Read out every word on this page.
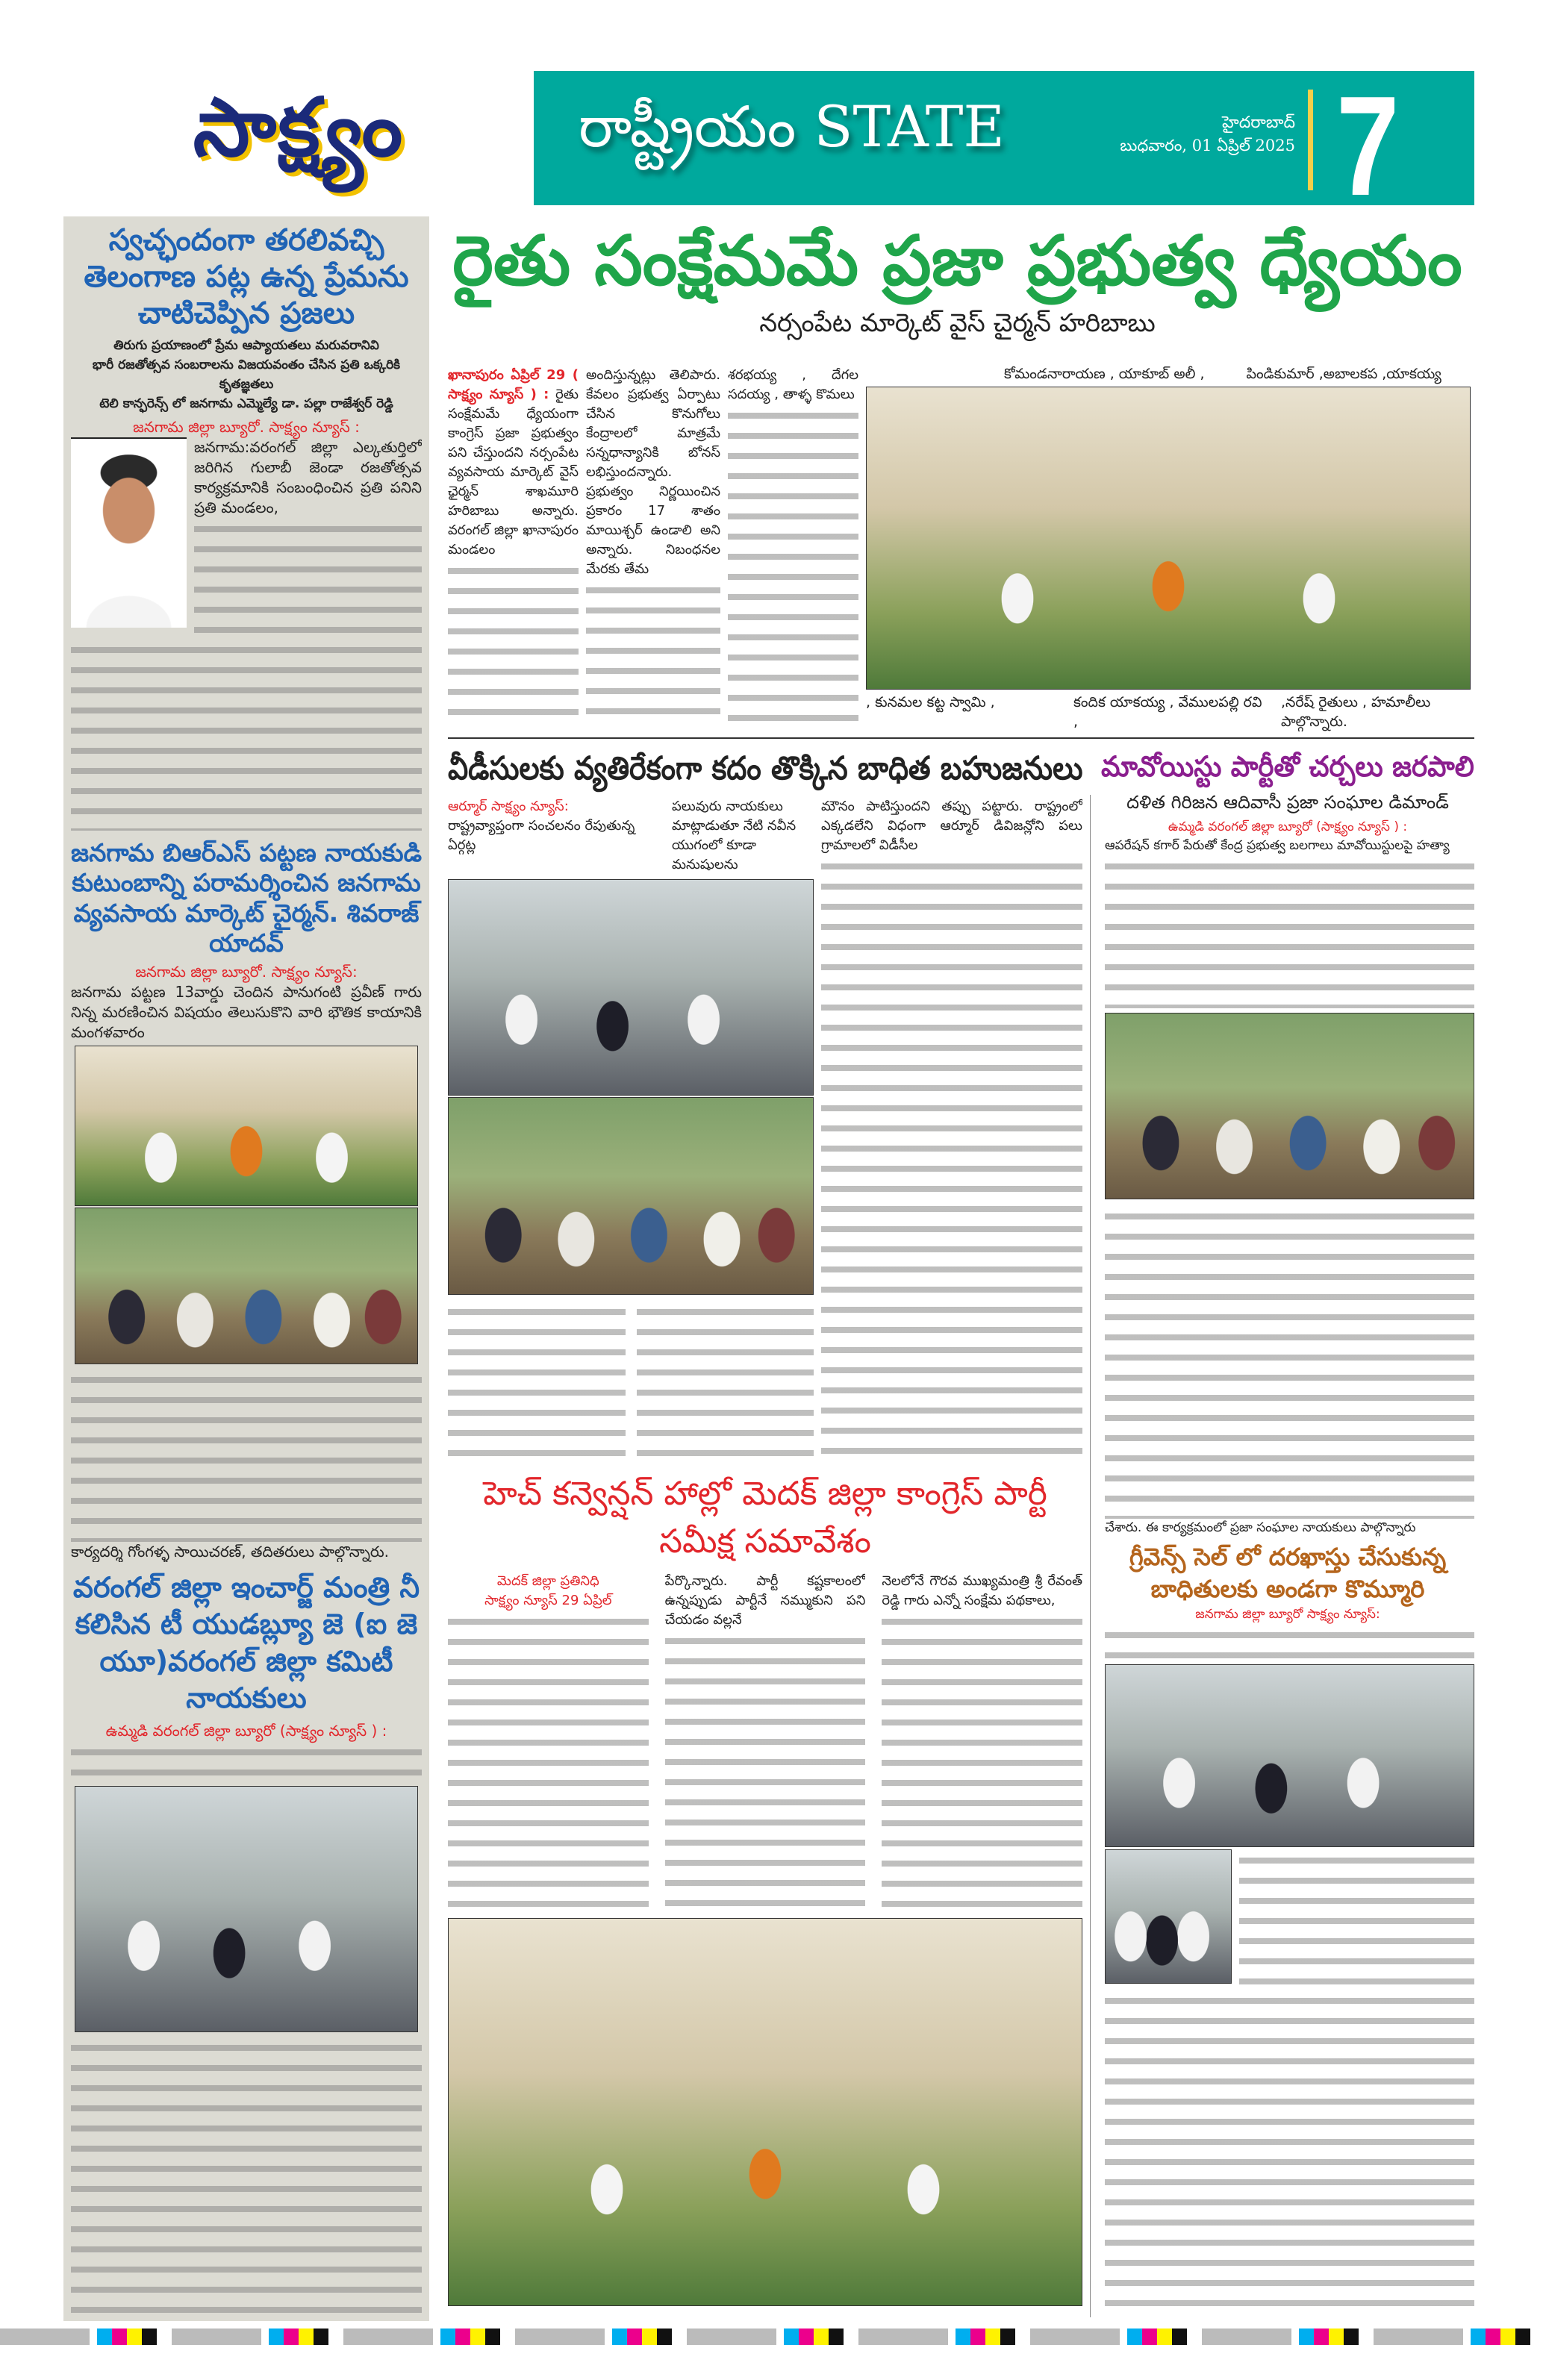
సాక్ష్యం	రాష్ట్రీయం STATE	హైదరాబాద్
బుధవారం, 01 ఏప్రిల్ 2025 7
స్వచ్ఛందంగా తరలివచ్చి తెలంగాణ పట్ల ఉన్న ప్రేమను చాటిచెప్పిన ప్రజలు
తిరుగు ప్రయాణంలో ప్రేమ ఆప్యాయతలు మరువరానివి
భారీ రజతోత్సవ సంబరాలను విజయవంతం చేసిన ప్రతి ఒక్కరికి కృతజ్ఞతలు
టెలి కాన్ఫరెన్స్ లో జనగామ ఎమ్మెల్యే డా. పల్లా రాజేశ్వర్ రెడ్డి
జనగామ జిల్లా బ్యూరో. సాక్ష్యం న్యూస్ :
జనగామ:వరంగల్ జిల్లా ఎల్కతుర్తిలో జరిగిన గులాబీ జెండా రజతోత్సవ కార్యక్రమానికి సంబంధించిన ప్రతి పనిని ప్రతి మండలం,
జనగామ బిఆర్ఎస్ పట్టణ నాయకుడి కుటుంబాన్ని పరామర్శించిన జనగామ వ్యవసాయ మార్కెట్ చైర్మన్. శివరాజ్ యాదవ్
జనగామ జిల్లా బ్యూరో. సాక్ష్యం న్యూస్:
జనగామ పట్టణ 13వార్డు చెందిన పానుగంటి ప్రవీణ్ గారు నిన్న మరణించిన విషయం తెలుసుకొని వారి భౌతిక కాయానికి మంగళవారం
కార్యదర్శి గోంగళ్ళ సాయిచరణ్, తదితరులు పాల్గొన్నారు.
వరంగల్ జిల్లా ఇంచార్జ్ మంత్రి నీ కలిసిన టీ యుడబ్ల్యూ జె (ఐ జె యూ)వరంగల్ జిల్లా కమిటీ నాయకులు
ఉమ్మడి వరంగల్ జిల్లా బ్యూరో (సాక్ష్యం న్యూస్ ) :
రైతు సంక్షేమమే ప్రజా ప్రభుత్వ ధ్యేయం
నర్సంపేట మార్కెట్ వైస్ చైర్మన్ హరిబాబు
ఖానాపురం ఏప్రిల్ 29 ( సాక్ష్యం న్యూస్ ) : రైతు సంక్షేమమే ధ్యేయంగా కాంగ్రెస్ ప్రజా ప్రభుత్వం పని చేస్తుందని నర్సంపేట వ్యవసాయ మార్కెట్ వైస్ ఛైర్మన్ శాఖమూరి హరిబాబు అన్నారు. వరంగల్ జిల్లా ఖానాపురం మండలం
అందిస్తున్నట్లు తెలిపారు. కేవలం ప్రభుత్వ ఏర్పాటు చేసిన కొనుగోలు కేంద్రాలలో మాత్రమే సన్నధాన్యానికి బోనస్ లభిస్తుందన్నారు. ప్రభుత్వం నిర్ణయించిన ప్రకారం 17 శాతం మాయిశ్చర్ ఉండాలి అని అన్నారు. నిబంధనల మేరకు తేమ
శరభయ్య , దేగల సదయ్య , తాళ్ళ కొమలు
కోమండనారాయణ , యాకూబ్ అలీ ,	పిండికుమార్ ,అబాలకప ,యాకయ్య
, కునమల కట్ట స్వామి ,	కందిక యాకయ్య , వేములపల్లి రవి ,
,నరేష్ రైతులు , హమాలీలు పాల్గొన్నారు.
వీడీసులకు వ్యతిరేకంగా కదం తొక్కిన బాధిత బహుజనులు
ఆర్మూర్ సాక్ష్యం న్యూస్:
రాష్ట్రవ్యాప్తంగా సంచలనం రేపుతున్న ఏర్గట్ల
పలువురు నాయకులు మాట్లాడుతూ నేటి నవీన యుగంలో కూడా మనుషులను
మౌనం పాటిస్తుందని తప్పు పట్టారు. రాష్ట్రంలో ఎక్కడలేని విధంగా ఆర్మూర్ డివిజన్లోని పలు గ్రామాలలో విడీసీల
హెచ్ కన్వెన్షన్ హాల్లో మెదక్ జిల్లా కాంగ్రెస్ పార్టీ సమీక్ష సమావేశం
మెదక్ జిల్లా ప్రతినిధి
సాక్ష్యం న్యూస్ 29 ఏప్రిల్
పేర్కొన్నారు. పార్టీ కష్టకాలంలో ఉన్నప్పుడు పార్టీనే నమ్ముకుని పని చేయడం వల్లనే
నెలలోనే గౌరవ ముఖ్యమంత్రి శ్రీ రేవంత్ రెడ్డి గారు ఎన్నో సంక్షేమ పథకాలు,
మావోయిస్టు పార్టీతో చర్చలు జరపాలి
దళిత గిరిజన ఆదివాసీ ప్రజా సంఘాల డిమాండ్
ఉమ్మడి వరంగల్ జిల్లా బ్యూరో (సాక్ష్యం న్యూస్ ) :
ఆపరేషన్ కగార్ పేరుతో కేంద్ర ప్రభుత్వ బలగాలు మావోయిస్టులపై హత్యా
చేశారు. ఈ కార్యక్రమంలో ప్రజా సంఘాల నాయకులు పాల్గొన్నారు
గ్రీవెన్స్ సెల్ లో దరఖాస్తు చేసుకున్న బాధితులకు అండగా కొమ్మూరి
జనగామ జిల్లా బ్యూరో సాక్ష్యం న్యూస్:
